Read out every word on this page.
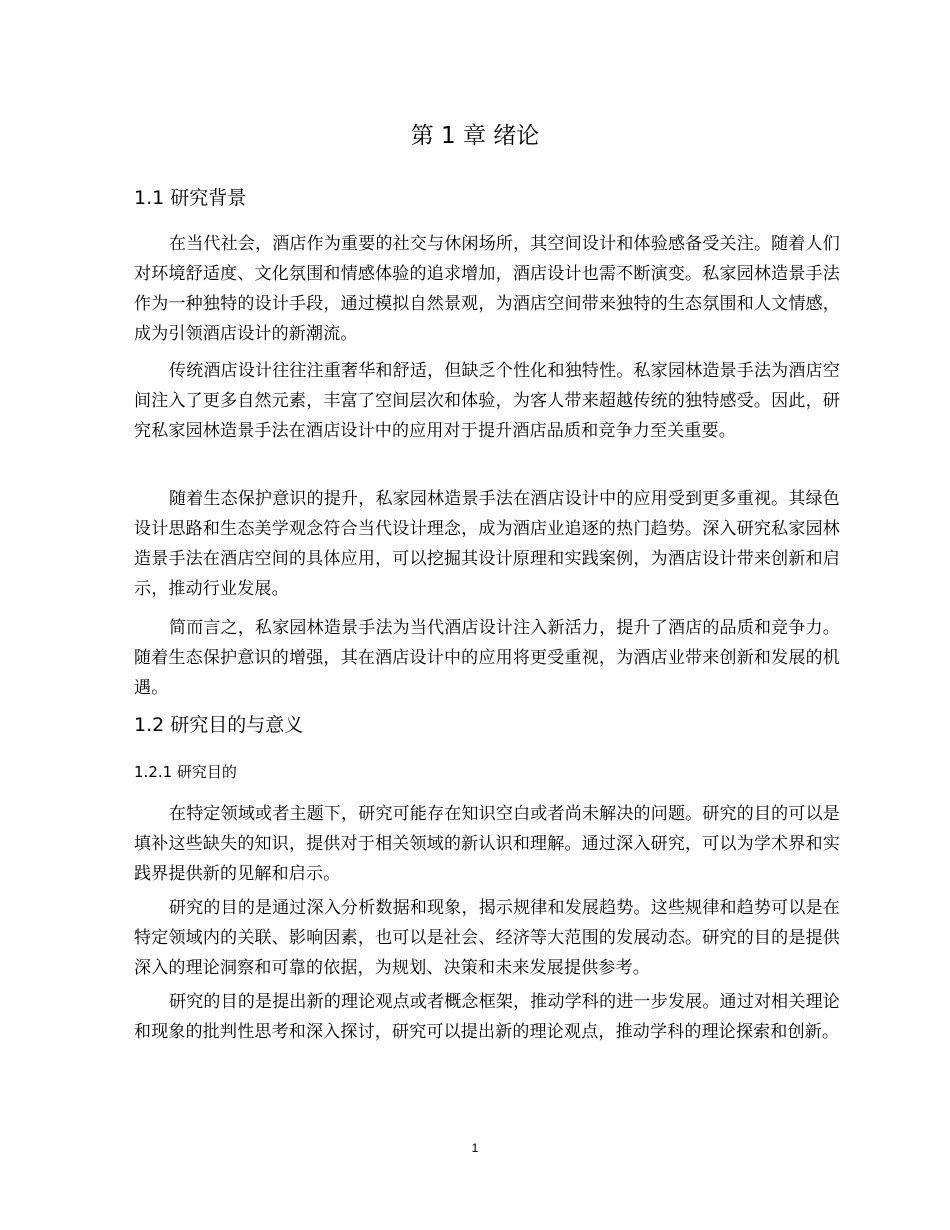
第 1 章 绪论
1.1 研究背景

在当代社会，酒店作为重要的社交与休闲场所，其空间设计和体验感备受关注。随着人们对环境舒适度、文化氛围和情感体验的追求增加，酒店设计也需不断演变。私家园林造景手法作为一种独特的设计手段，通过模拟自然景观，为酒店空间带来独特的生态氛围和人文情感，成为引领酒店设计的新潮流。

传统酒店设计往往注重奢华和舒适，但缺乏个性化和独特性。私家园林造景手法为酒店空间注入了更多自然元素，丰富了空间层次和体验，为客人带来超越传统的独特感受。因此，研究私家园林造景手法在酒店设计中的应用对于提升酒店品质和竞争力至关重要。

随着生态保护意识的提升，私家园林造景手法在酒店设计中的应用受到更多重视。其绿色设计思路和生态美学观念符合当代设计理念，成为酒店业追逐的热门趋势。深入研究私家园林造景手法在酒店空间的具体应用，可以挖掘其设计原理和实践案例，为酒店设计带来创新和启示，推动行业发展。

简而言之，私家园林造景手法为当代酒店设计注入新活力，提升了酒店的品质和竞争力。随着生态保护意识的增强，其在酒店设计中的应用将更受重视，为酒店业带来创新和发展的机遇。

1.2 研究目的与意义
1.2.1 研究目的

在特定领域或者主题下，研究可能存在知识空白或者尚未解决的问题。研究的目的可以是填补这些缺失的知识，提供对于相关领域的新认识和理解。通过深入研究，可以为学术界和实践界提供新的见解和启示。

研究的目的是通过深入分析数据和现象，揭示规律和发展趋势。这些规律和趋势可以是在特定领域内的关联、影响因素，也可以是社会、经济等大范围的发展动态。研究的目的是提供深入的理论洞察和可靠的依据，为规划、决策和未来发展提供参考。

研究的目的是提出新的理论观点或者概念框架，推动学科的进一步发展。通过对相关理论和现象的批判性思考和深入探讨，研究可以提出新的理论观点，推动学科的理论探索和创新。

1
